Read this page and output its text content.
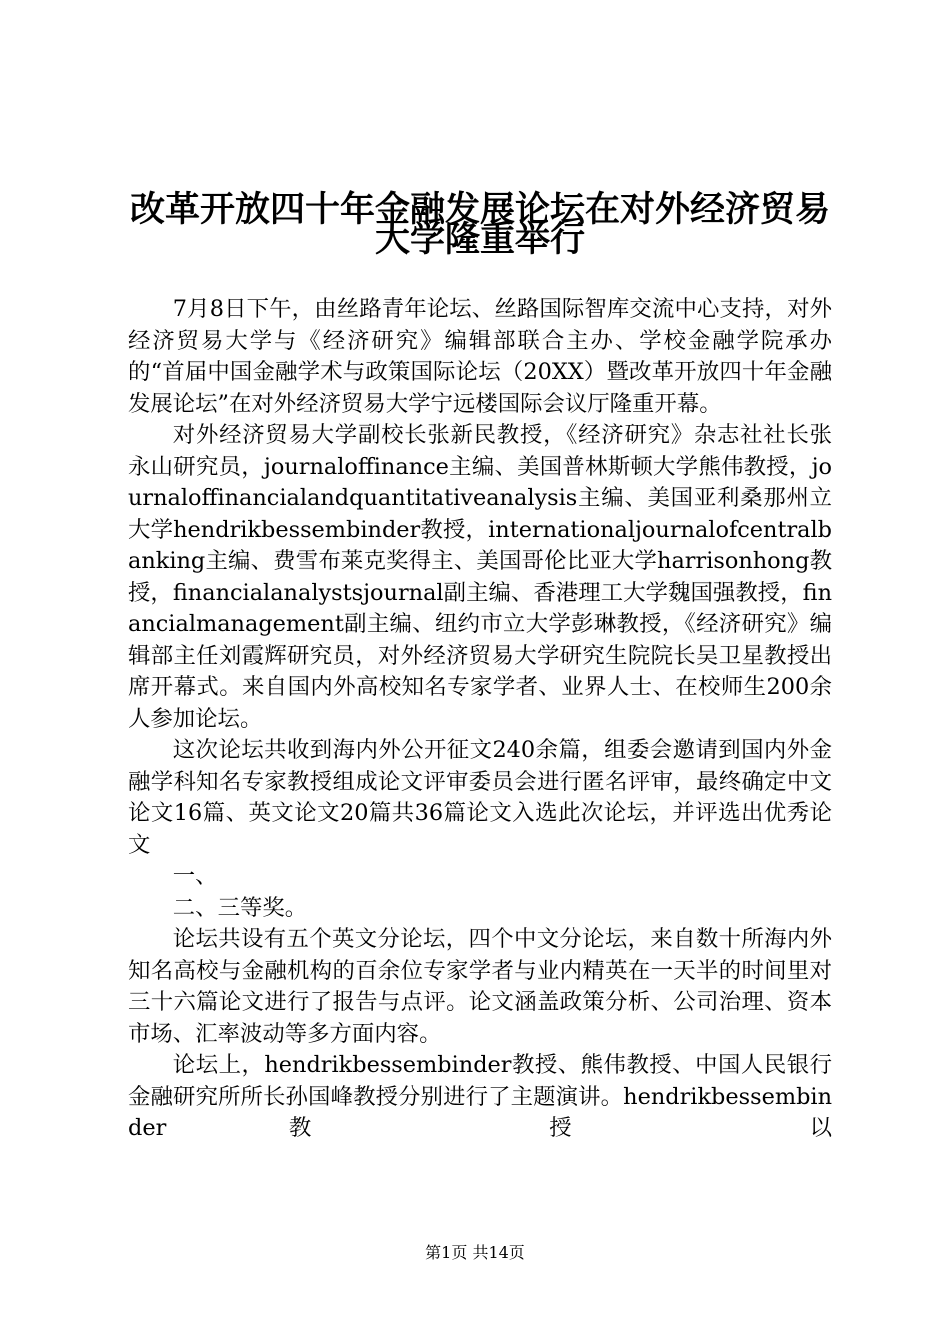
改革开放四十年金融发展论坛在对外经济贸易
大学隆重举行

7月8日下午，由丝路青年论坛、丝路国际智库交流中心支持，对外经济贸易大学与《经济研究》编辑部联合主办、学校金融学院承办的“首届中国金融学术与政策国际论坛（20XX）暨改革开放四十年金融发展论坛”在对外经济贸易大学宁远楼国际会议厅隆重开幕。

对外经济贸易大学副校长张新民教授，《经济研究》杂志社社长张永山研究员，journaloffinance主编、美国普林斯顿大学熊伟教授，journaloffinancialandquantitativeanalysis主编、美国亚利桑那州立大学hendrikbessembinder教授，internationaljournalofcentralbanking主编、费雪布莱克奖得主、美国哥伦比亚大学harrisonhong教授，financialanalystsjournal副主编、香港理工大学魏国强教授，financialmanagement副主编、纽约市立大学彭琳教授，《经济研究》编辑部主任刘霞辉研究员，对外经济贸易大学研究生院院长吴卫星教授出席开幕式。来自国内外高校知名专家学者、业界人士、在校师生200余人参加论坛。

这次论坛共收到海内外公开征文240余篇，组委会邀请到国内外金融学科知名专家教授组成论文评审委员会进行匿名评审，最终确定中文论文16篇、英文论文20篇共36篇论文入选此次论坛，并评选出优秀论文

一、

二、三等奖。

论坛共设有五个英文分论坛，四个中文分论坛，来自数十所海内外知名高校与金融机构的百余位专家学者与业内精英在一天半的时间里对三十六篇论文进行了报告与点评。论文涵盖政策分析、公司治理、资本市场、汇率波动等多方面内容。

论坛上，hendrikbessembinder教授、熊伟教授、中国人民银行金融研究所所长孙国峰教授分别进行了主题演讲。hendrikbessembinder 教 授 以

第1页 共14页
